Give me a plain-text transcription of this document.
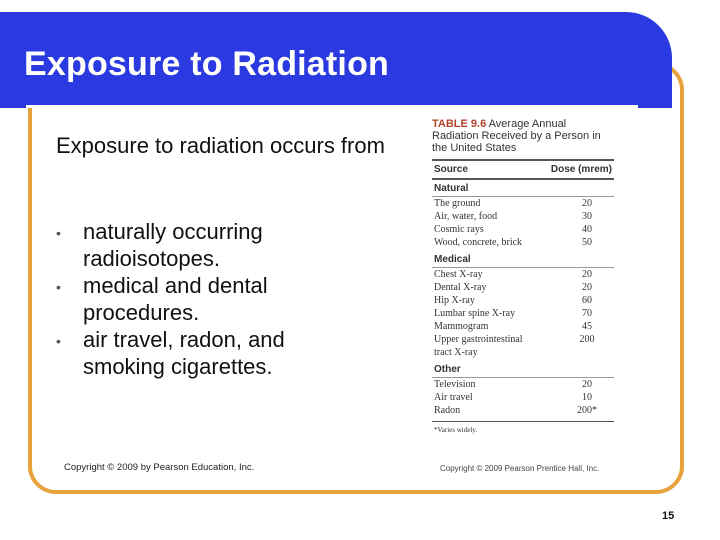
Exposure to Radiation
Exposure to radiation occurs from
• naturally occurring radioisotopes.
• medical and dental procedures.
• air travel, radon, and smoking cigarettes.
Copyright © 2009 by Pearson Education, Inc.
TABLE 9.6 Average Annual Radiation Received by a Person in the United States
Source	Dose (mrem)
Natural
The ground	20
Air, water, food	30
Cosmic rays	40
Wood, concrete, brick	50
Medical
Chest X-ray	20
Dental X-ray	20
Hip X-ray	60
Lumbar spine X-ray	70
Mammogram	45
Upper gastrointestinal	200
tract X-ray
Other
Television	20
Air travel	10
Radon	200*
*Varies widely.
Copyright © 2009 Pearson Prentice Hall, Inc.
15
